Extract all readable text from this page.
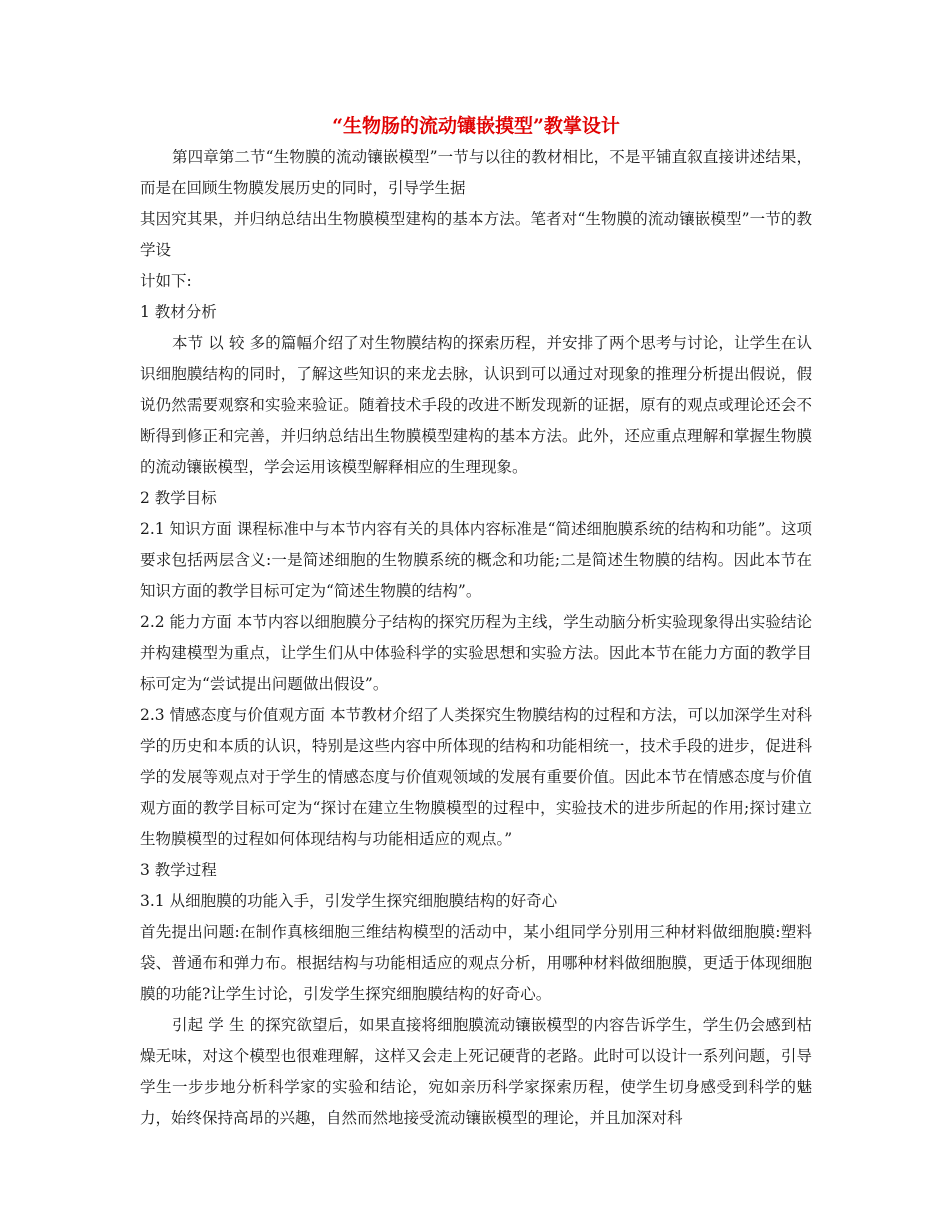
“生物肠的流动镶嵌摸型”教掌设计

第四章第二节“生物膜的流动镶嵌模型”一节与以往的教材相比，不是平铺直叙直接讲述结果，而是在回顾生物膜发展历史的同时，引导学生据

其因究其果，并归纳总结出生物膜模型建构的基本方法。笔者对“生物膜的流动镶嵌模型”一节的教学设

计如下:

1 教材分析

本节 以 较 多的篇幅介绍了对生物膜结构的探索历程，并安排了两个思考与讨论，让学生在认识细胞膜结构的同时，了解这些知识的来龙去脉，认识到可以通过对现象的推理分析提出假说，假说仍然需要观察和实验来验证。随着技术手段的改进不断发现新的证据，原有的观点或理论还会不断得到修正和完善，并归纳总结出生物膜模型建构的基本方法。此外，还应重点理解和掌握生物膜的流动镶嵌模型，学会运用该模型解释相应的生理现象。

2 教学目标

2.1 知识方面 课程标准中与本节内容有关的具体内容标准是“简述细胞膜系统的结构和功能”。这项要求包括两层含义:一是简述细胞的生物膜系统的概念和功能;二是简述生物膜的结构。因此本节在知识方面的教学目标可定为“简述生物膜的结构”。

2.2 能力方面 本节内容以细胞膜分子结构的探究历程为主线，学生动脑分析实验现象得出实验结论并构建模型为重点，让学生们从中体验科学的实验思想和实验方法。因此本节在能力方面的教学目标可定为“尝试提出问题做出假设”。

2.3 情感态度与价值观方面 本节教材介绍了人类探究生物膜结构的过程和方法，可以加深学生对科学的历史和本质的认识，特别是这些内容中所体现的结构和功能相统一，技术手段的进步，促进科学的发展等观点对于学生的情感态度与价值观领域的发展有重要价值。因此本节在情感态度与价值观方面的教学目标可定为“探讨在建立生物膜模型的过程中，实验技术的进步所起的作用;探讨建立生物膜模型的过程如何体现结构与功能相适应的观点。”

3 教学过程

3.1 从细胞膜的功能入手，引发学生探究细胞膜结构的好奇心

首先提出问题:在制作真核细胞三维结构模型的活动中，某小组同学分别用三种材料做细胞膜:塑料袋、普通布和弹力布。根据结构与功能相适应的观点分析，用哪种材料做细胞膜，更适于体现细胞膜的功能?让学生讨论，引发学生探究细胞膜结构的好奇心。

引起 学 生 的探究欲望后，如果直接将细胞膜流动镶嵌模型的内容告诉学生，学生仍会感到枯燥无味，对这个模型也很难理解，这样又会走上死记硬背的老路。此时可以设计一系列问题，引导学生一步步地分析科学家的实验和结论，宛如亲历科学家探索历程，使学生切身感受到科学的魅力，始终保持高昂的兴趣，自然而然地接受流动镶嵌模型的理论，并且加深对科
